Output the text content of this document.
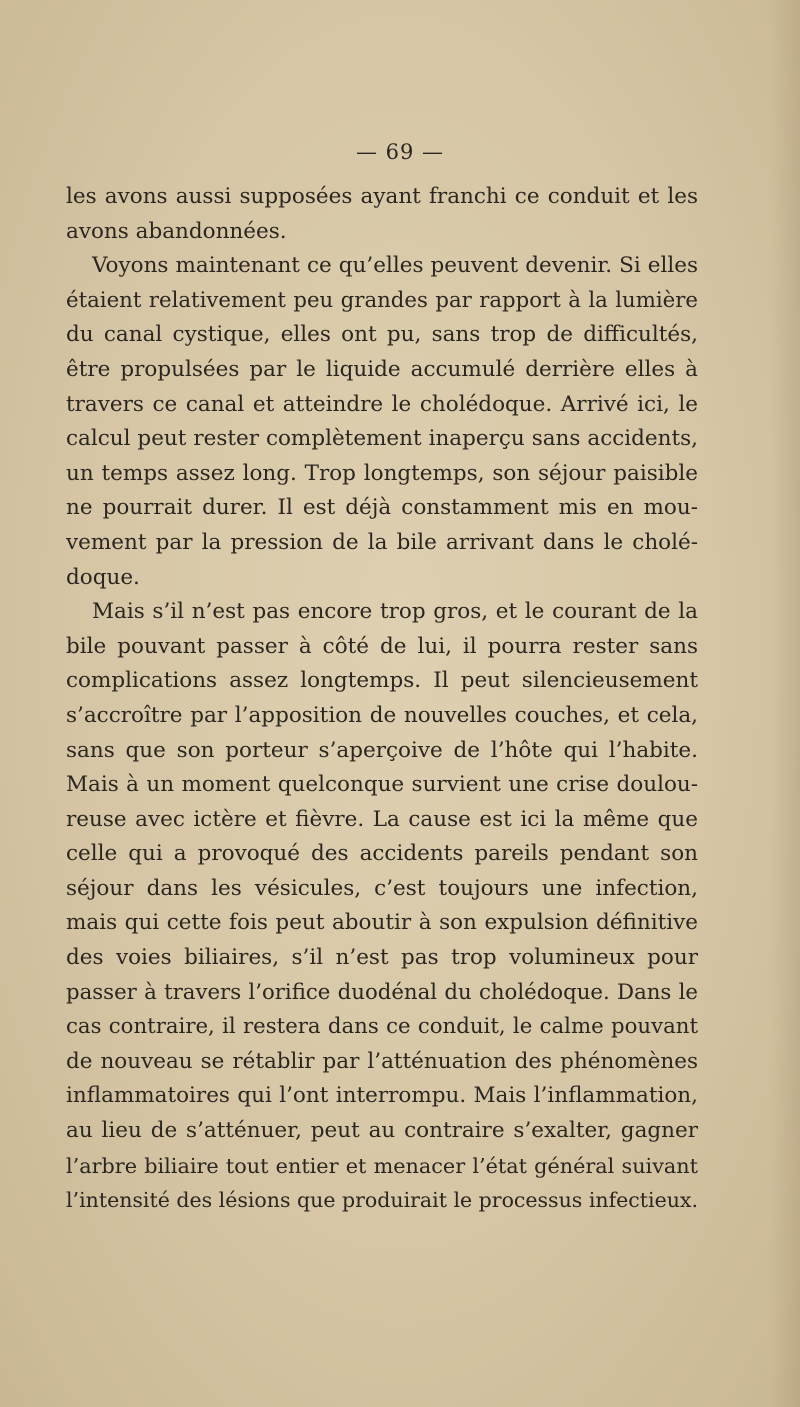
— 69 —
les avons aussi supposées ayant franchi ce conduit et les
avons abandonnées.
Voyons maintenant ce qu’elles peuvent devenir. Si elles
étaient relativement peu grandes par rapport à la lumière
du canal cystique, elles ont pu, sans trop de difficultés,
être propulsées par le liquide accumulé derrière elles à
travers ce canal et atteindre le cholédoque. Arrivé ici, le
calcul peut rester complètement inaperçu sans accidents,
un temps assez long. Trop longtemps, son séjour paisible
ne pourrait durer. Il est déjà constamment mis en mou-
vement par la pression de la bile arrivant dans le cholé-
doque.
Mais s’il n’est pas encore trop gros, et le courant de la
bile pouvant passer à côté de lui, il pourra rester sans
complications assez longtemps. Il peut silencieusement
s’accroître par l’apposition de nouvelles couches, et cela,
sans que son porteur s’aperçoive de l’hôte qui l’habite.
Mais à un moment quelconque survient une crise doulou-
reuse avec ictère et fièvre. La cause est ici la même que
celle qui a provoqué des accidents pareils pendant son
séjour dans les vésicules, c’est toujours une infection,
mais qui cette fois peut aboutir à son expulsion définitive
des voies biliaires, s’il n’est pas trop volumineux pour
passer à travers l’orifice duodénal du cholédoque. Dans le
cas contraire, il restera dans ce conduit, le calme pouvant
de nouveau se rétablir par l’atténuation des phénomènes
inflammatoires qui l’ont interrompu. Mais l’inflammation,
au lieu de s’atténuer, peut au contraire s’exalter, gagner
l’arbre biliaire tout entier et menacer l’état général suivant
l’intensité des lésions que produirait le processus infectieux.
